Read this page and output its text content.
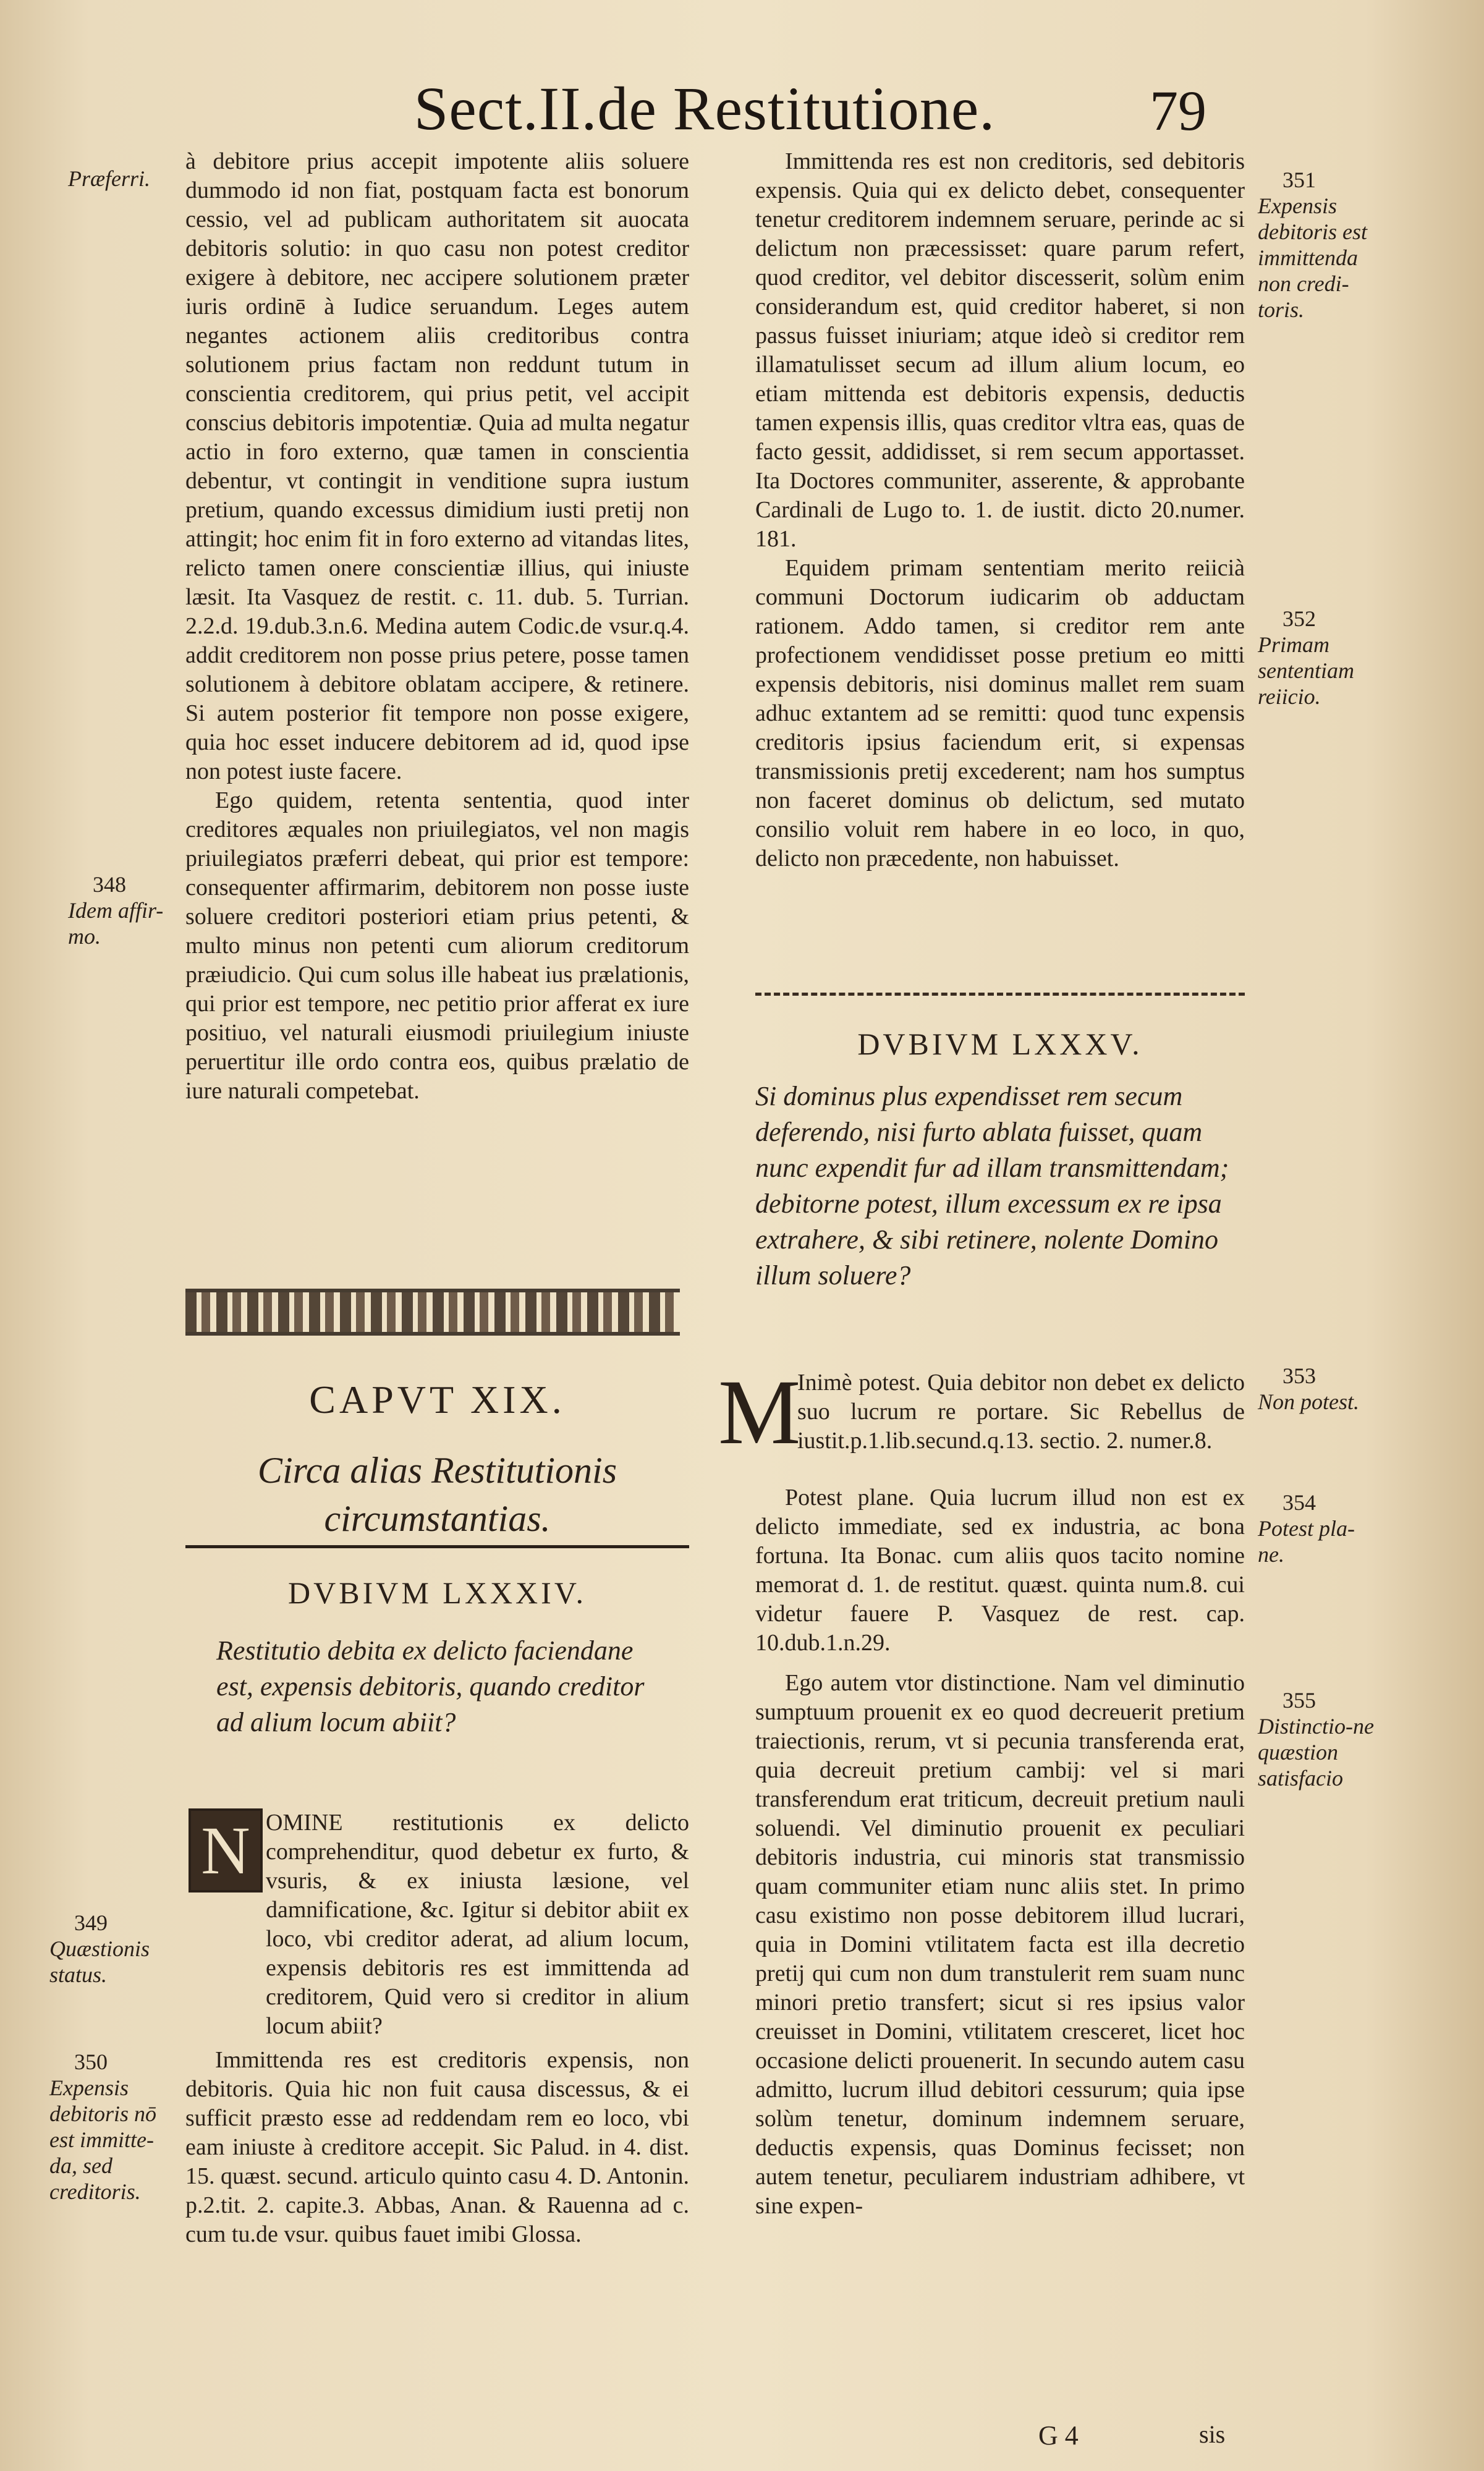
Sect.II.de Restitutione.	79
Præferri.
348
Idem affir-mo.
349
Quæstionis status.
350
Expensis debitoris nō est immitte-da, sed creditoris.
351
Expensis debitoris est immittenda non credi-toris.
352
Primam sententiam reiicio.
353
Non potest.
354
Potest pla-ne.
355
Distinctio-ne quæstion satisfacio

à debitore prius accepit impotente aliis soluere dummodo id non fiat, postquam facta est bonorum cessio, vel ad publicam authoritatem sit auocata debitoris solutio: in quo casu non potest creditor exigere à debitore, nec accipere solutionem præter iuris ordinē à Iudice seruandum. Leges autem negantes actionem aliis creditoribus contra solutionem prius factam non reddunt tutum in conscientia creditorem, qui prius petit, vel accipit conscius debitoris impotentiæ. Quia ad multa negatur actio in foro externo, quæ tamen in conscientia debentur, vt contingit in venditione supra iustum pretium, quando excessus dimidium iusti pretij non attingit; hoc enim fit in foro externo ad vitandas lites, relicto tamen onere conscientiæ illius, qui iniuste læsit. Ita Vasquez de restit. c. 11. dub. 5. Turrian. 2.2.d. 19.dub.3.n.6. Medina autem Codic.de vsur.q.4. addit creditorem non posse prius petere, posse tamen solutionem à debitore oblatam accipere, & retinere. Si autem posterior fit tempore non posse exigere, quia hoc esset inducere debitorem ad id, quod ipse non potest iuste facere.

Ego quidem, retenta sententia, quod inter creditores æquales non priuilegiatos, vel non magis priuilegiatos præferri debeat, qui prior est tempore: consequenter affirmarim, debitorem non posse iuste soluere creditori posteriori etiam prius petenti, & multo minus non petenti cum aliorum creditorum præiudicio. Qui cum solus ille habeat ius prælationis, qui prior est tempore, nec petitio prior afferat ex iure positiuo, vel naturali eiusmodi priuilegium iniuste peruertitur ille ordo contra eos, quibus prælatio de iure naturali competebat.

CAPVT XIX.
Circa alias Restitutionis circumstantias.
DVBIVM LXXXIV.
Restitutio debita ex delicto faciendane est, expensis debitoris, quando creditor ad alium locum abiit?
N OMINE restitutionis ex delicto comprehenditur, quod debetur ex furto, & vsuris, & ex iniusta læsione, vel damnificatione, &c. Igitur si debitor abiit ex loco, vbi creditor aderat, ad alium locum, expensis debitoris res est immittenda ad creditorem, Quid vero si creditor in alium locum abiit?
Immittenda res est creditoris expensis, non debitoris. Quia hic non fuit causa discessus, & ei sufficit præsto esse ad reddendam rem eo loco, vbi eam iniuste à creditore accepit. Sic Palud. in 4. dist. 15. quæst. secund. articulo quinto casu 4. D. Antonin. p.2.tit. 2. capite.3. Abbas, Anan. & Rauenna ad c. cum tu.de vsur. quibus fauet imibi Glossa.

Immittenda res est non creditoris, sed debitoris expensis. Quia qui ex delicto debet, consequenter tenetur creditorem indemnem seruare, perinde ac si delictum non præcessisset: quare parum refert, quod creditor, vel debitor discesserit, solùm enim considerandum est, quid creditor haberet, si non passus fuisset iniuriam; atque ideò si creditor rem illamatulisset secum ad illum alium locum, eo etiam mittenda est debitoris expensis, deductis tamen expensis illis, quas creditor vltra eas, quas de facto gessit, addidisset, si rem secum apportasset. Ita Doctores communiter, asserente, & approbante Cardinali de Lugo to. 1. de iustit. dicto 20.numer. 181.

Equidem primam sententiam merito reiicià communi Doctorum iudicarim ob adductam rationem. Addo tamen, si creditor rem ante profectionem vendidisset posse pretium eo mitti expensis debitoris, nisi dominus mallet rem suam adhuc extantem ad se remitti: quod tunc expensis creditoris ipsius faciendum erit, si expensas transmissionis pretij excederent; nam hos sumptus non faceret dominus ob delictum, sed mutato consilio voluit rem habere in eo loco, in quo, delicto non præcedente, non habuisset.

DVBIVM LXXXV.
Si dominus plus expendisset rem secum deferendo, nisi furto ablata fuisset, quam nunc expendit fur ad illam transmittendam; debitorne potest, illum excessum ex re ipsa extrahere, & sibi retinere, nolente Domino illum soluere?
M
Inimè potest. Quia debitor non debet ex delicto suo lucrum re portare. Sic Rebellus de iustit.p.1.lib.secund.q.13. sectio. 2. numer.8.
Potest plane. Quia lucrum illud non est ex delicto immediate, sed ex industria, ac bona fortuna. Ita Bonac. cum aliis quos tacito nomine memorat d. 1. de restitut. quæst. quinta num.8. cui videtur fauere P. Vasquez de rest. cap. 10.dub.1.n.29.
Ego autem vtor distinctione. Nam vel diminutio sumptuum prouenit ex eo quod decreuerit pretium traiectionis, rerum, vt si pecunia transferenda erat, quia decreuit pretium cambij: vel si mari transferendum erat triticum, decreuit pretium nauli soluendi. Vel diminutio prouenit ex peculiari debitoris industria, cui minoris stat transmissio quam communiter etiam nunc aliis stet. In primo casu existimo non posse debitorem illud lucrari, quia in Domini vtilitatem facta est illa decretio pretij qui cum non dum transtulerit rem suam nunc minori pretio transfert; sicut si res ipsius valor creuisset in Domini, vtilitatem cresceret, licet hoc occasione delicti prouenerit. In secundo autem casu admitto, lucrum illud debitori cessurum; quia ipse solùm tenetur, dominum indemnem seruare, deductis expensis, quas Dominus fecisset; non autem tenetur, peculiarem industriam adhibere, vt sine expen-
G 4	sis
